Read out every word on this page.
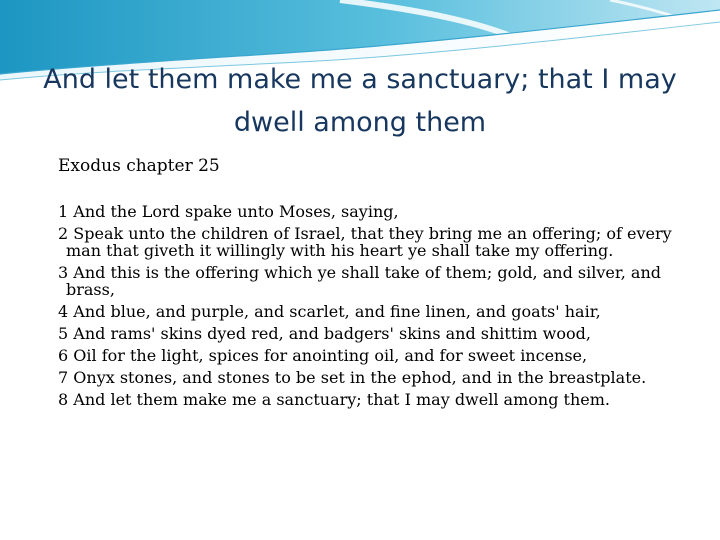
And let them make me a sanctuary; that I may dwell among them

Exodus chapter 25

1 And the Lord spake unto Moses, saying,
2 Speak unto the children of Israel, that they bring me an offering; of every man that giveth it willingly with his heart ye shall take my offering.
3 And this is the offering which ye shall take of them; gold, and silver, and brass,
4 And blue, and purple, and scarlet, and fine linen, and goats' hair,
5 And rams' skins dyed red, and badgers' skins and shittim wood,
6 Oil for the light, spices for anointing oil, and for sweet incense,
7 Onyx stones, and stones to be set in the ephod, and in the breastplate.
8 And let them make me a sanctuary; that I may dwell among them.
